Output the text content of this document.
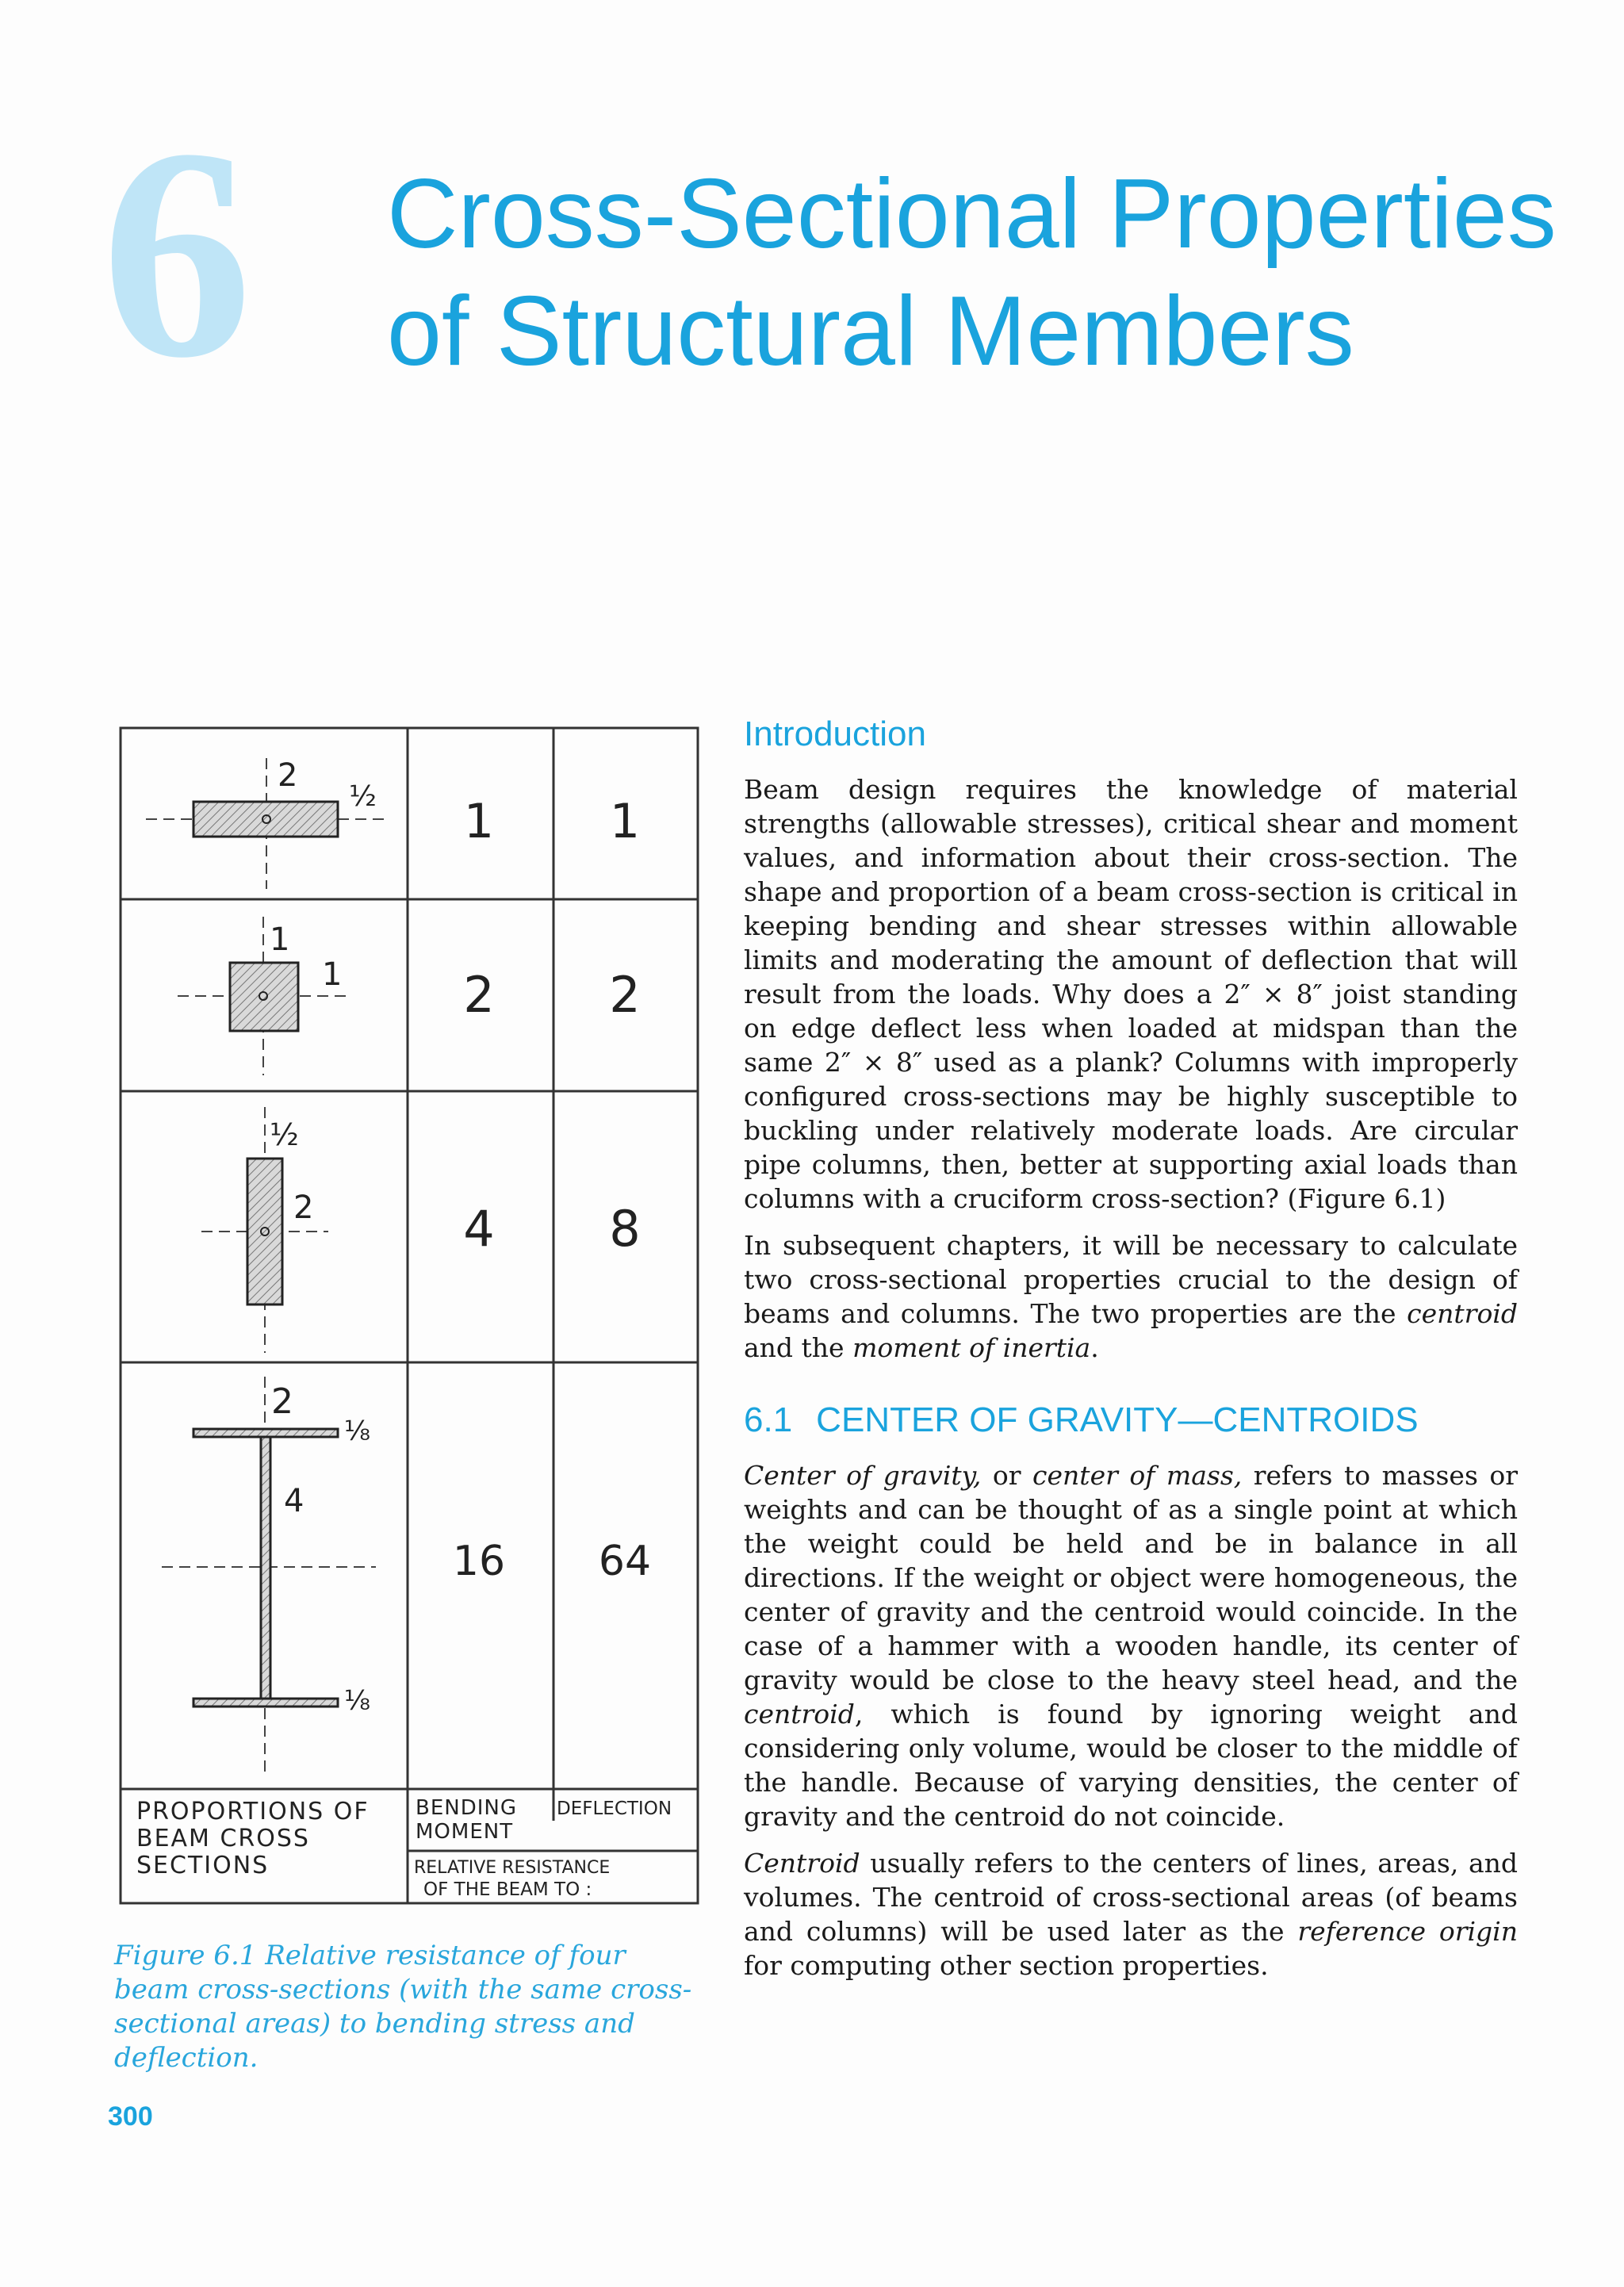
6 Cross-Sectional Properties
of Structural Members
2
½ 1 1
1
1 2 2
½
2	4 8
2
⅛
4
⅛
16 64
PROPORTIONS OF
BEAM CROSS
SECTIONS
BENDING
MOMENT
DEFLECTION
RELATIVE RESISTANCE
OF THE BEAM TO :
Figure 6.1 Relative resistance of four beam cross-sections (with the same cross-sectional areas) to bending stress and deflection.
Introduction

Beam design requires the knowledge of material strengths (allowable stresses), critical shear and moment values, and information about their cross-section. The shape and proportion of a beam cross-section is critical in keeping bending and shear stresses within allowable limits and moderating the amount of deflection that will result from the loads. Why does a 2″ × 8″ joist standing on edge deflect less when loaded at midspan than the same 2″ × 8″ used as a plank? Columns with improperly configured cross-sections may be highly susceptible to buckling under relatively moderate loads. Are circular pipe columns, then, better at supporting axial loads than columns with a cruciform cross-section? (Figure 6.1)

In subsequent chapters, it will be necessary to calculate two cross-sectional properties crucial to the design of beams and columns. The two properties are the centroid and the moment of inertia.

6.1 CENTER OF GRAVITY—CENTROIDS

Center of gravity, or center of mass, refers to masses or weights and can be thought of as a single point at which the weight could be held and be in balance in all directions. If the weight or object were homogeneous, the center of gravity and the centroid would coincide. In the case of a hammer with a wooden handle, its center of gravity would be close to the heavy steel head, and the centroid, which is found by ignoring weight and considering only volume, would be closer to the middle of the handle. Because of varying densities, the center of gravity and the centroid do not coincide.

Centroid usually refers to the centers of lines, areas, and volumes. The centroid of cross-sectional areas (of beams and columns) will be used later as the reference origin for computing other section properties.

300
